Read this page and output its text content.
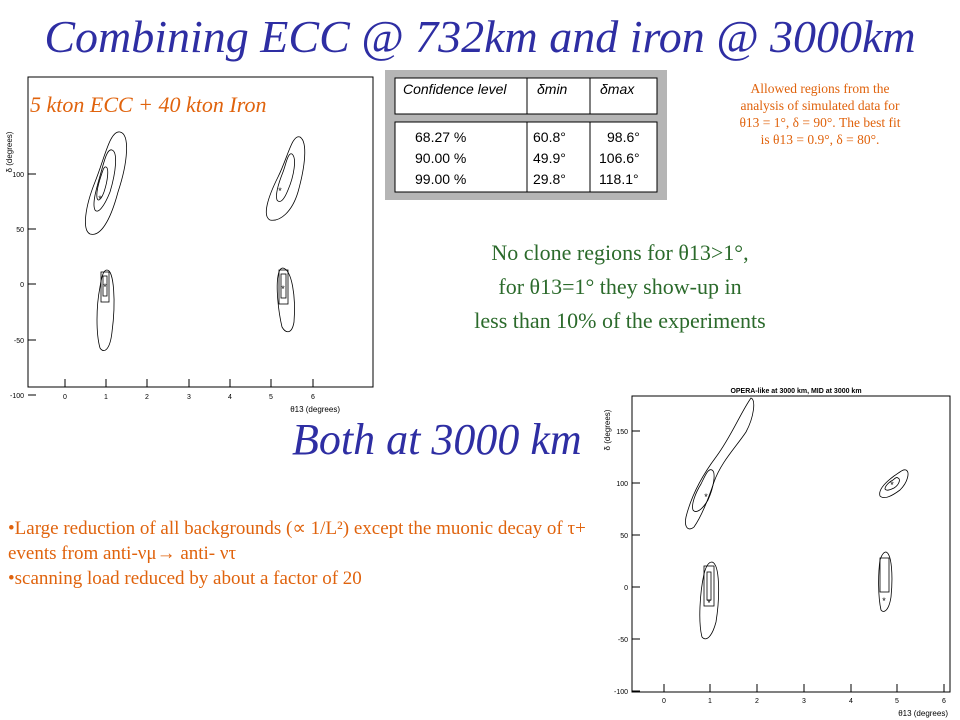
Combining ECC @ 732km and iron @ 3000km
100
50
0
-50
-100	0	1	2	3	4	5	6
θ13 (degrees)
δ (degrees)
*
*
*	*
5 kton ECC + 40 kton Iron
Confidence level δmin δmax
68.27 %	60.8°	98.6°
90.00 %	49.9° 106.6°
99.00 %	29.8° 118.1°
Allowed regions from the
analysis of simulated data for
θ13 = 1°, δ = 90°. The best fit
is θ13 = 0.9°, δ = 80°.
No clone regions for θ13>1°,
for θ13=1° they show-up in
less than 10% of the experiments
Both at 3000 km
•Large reduction of all backgrounds (∝ 1/L²) except the muonic decay of τ+ events from anti-νμ→ anti- ντ
•scanning load reduced by about a factor of 20
OPERA-like at 3000 km, MID at 3000 km
150
100
50
0
-50
-100
0	1	2	3	4	5	6
θ13 (degrees)
δ (degrees)
*
*
*	*
